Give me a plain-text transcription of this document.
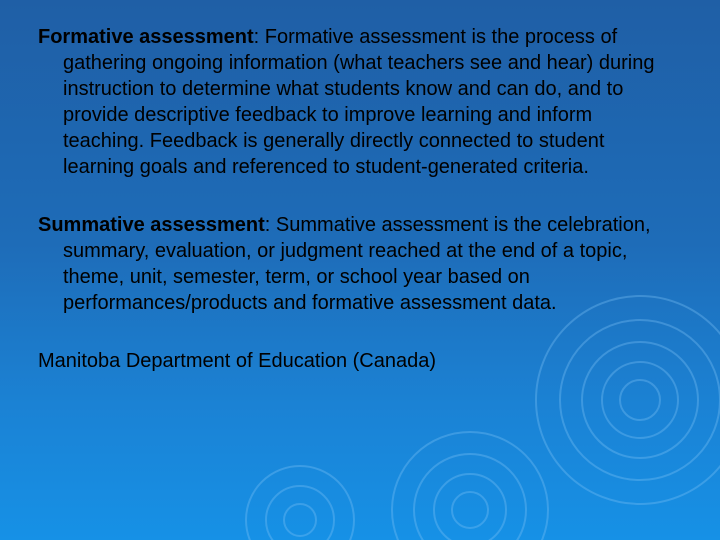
Formative assessment: Formative assessment is the process of gathering ongoing information (what teachers see and hear) during instruction to determine what students know and can do, and to provide descriptive feedback to improve learning and inform teaching. Feedback is generally directly connected to student learning goals and referenced to student-generated criteria.

Summative assessment: Summative assessment is the celebration, summary, evaluation, or judgment reached at the end of a topic, theme, unit, semester, term, or school year based on performances/products and formative assessment data.

Manitoba Department of Education (Canada)
